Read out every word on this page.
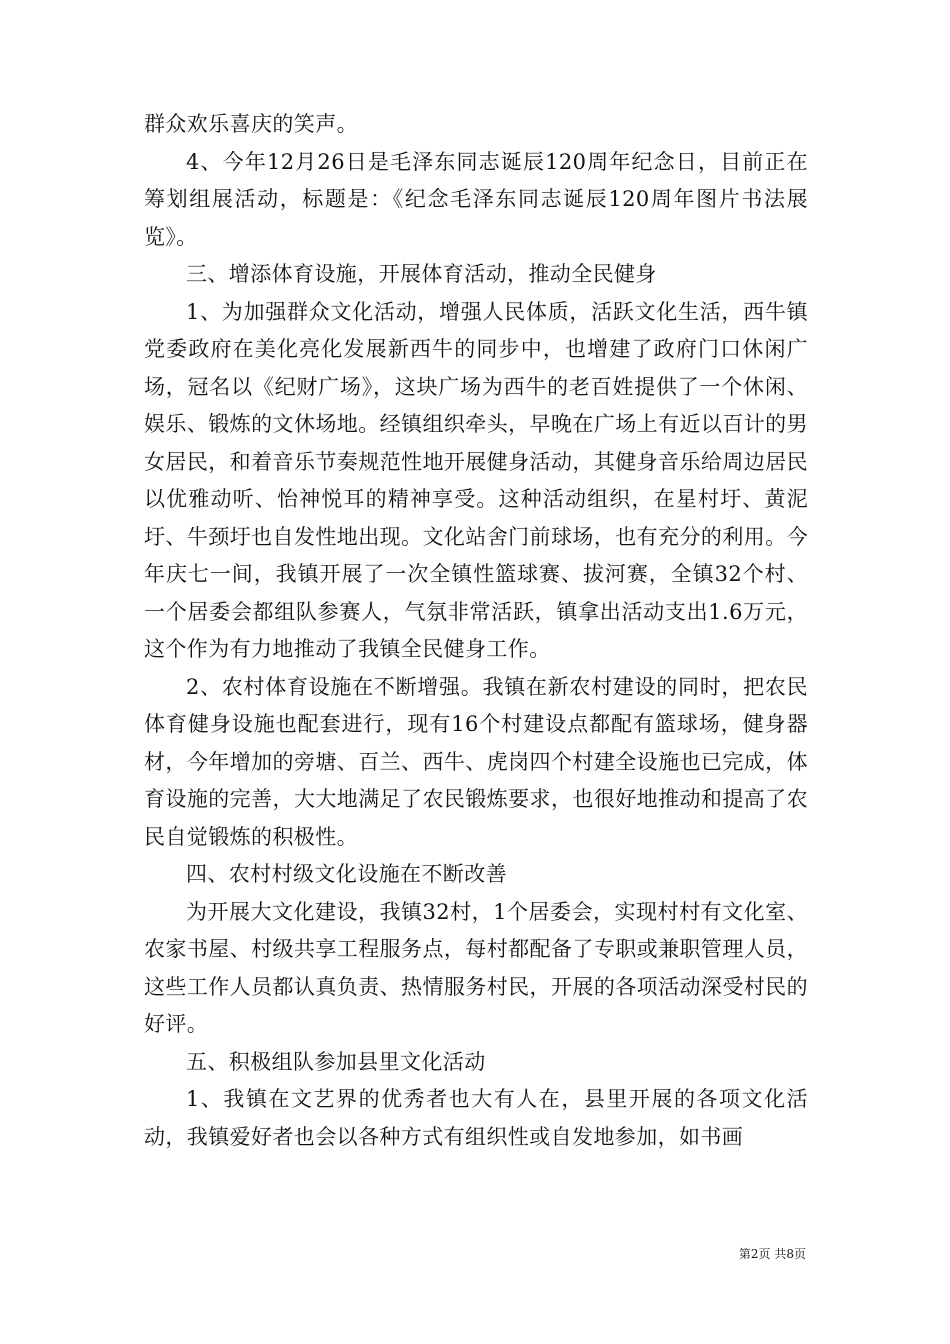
群众欢乐喜庆的笑声。

4、今年12月26日是毛泽东同志诞辰120周年纪念日，目前正在筹划组展活动，标题是：《纪念毛泽东同志诞辰120周年图片书法展览》。

三、增添体育设施，开展体育活动，推动全民健身

1、为加强群众文化活动，增强人民体质，活跃文化生活，西牛镇党委政府在美化亮化发展新西牛的同步中，也增建了政府门口休闲广场，冠名以《纪财广场》，这块广场为西牛的老百姓提供了一个休闲、娱乐、锻炼的文休场地。经镇组织牵头，早晚在广场上有近以百计的男女居民，和着音乐节奏规范性地开展健身活动，其健身音乐给周边居民以优雅动听、怡神悦耳的精神享受。这种活动组织，在星村圩、黄泥圩、牛颈圩也自发性地出现。文化站舍门前球场，也有充分的利用。今年庆七一间，我镇开展了一次全镇性篮球赛、拔河赛，全镇32个村、一个居委会都组队参赛人，气氛非常活跃，镇拿出活动支出1.6万元，这个作为有力地推动了我镇全民健身工作。

2、农村体育设施在不断增强。我镇在新农村建设的同时，把农民体育健身设施也配套进行，现有16个村建设点都配有篮球场，健身器材，今年增加的旁塘、百兰、西牛、虎岗四个村建全设施也已完成，体育设施的完善，大大地满足了农民锻炼要求，也很好地推动和提高了农民自觉锻炼的积极性。

四、农村村级文化设施在不断改善

为开展大文化建设，我镇32村，1个居委会，实现村村有文化室、农家书屋、村级共享工程服务点，每村都配备了专职或兼职管理人员，这些工作人员都认真负责、热情服务村民，开展的各项活动深受村民的好评。

五、积极组队参加县里文化活动

1、我镇在文艺界的优秀者也大有人在，县里开展的各项文化活动，我镇爱好者也会以各种方式有组织性或自发地参加，如书画

第2页 共8页
